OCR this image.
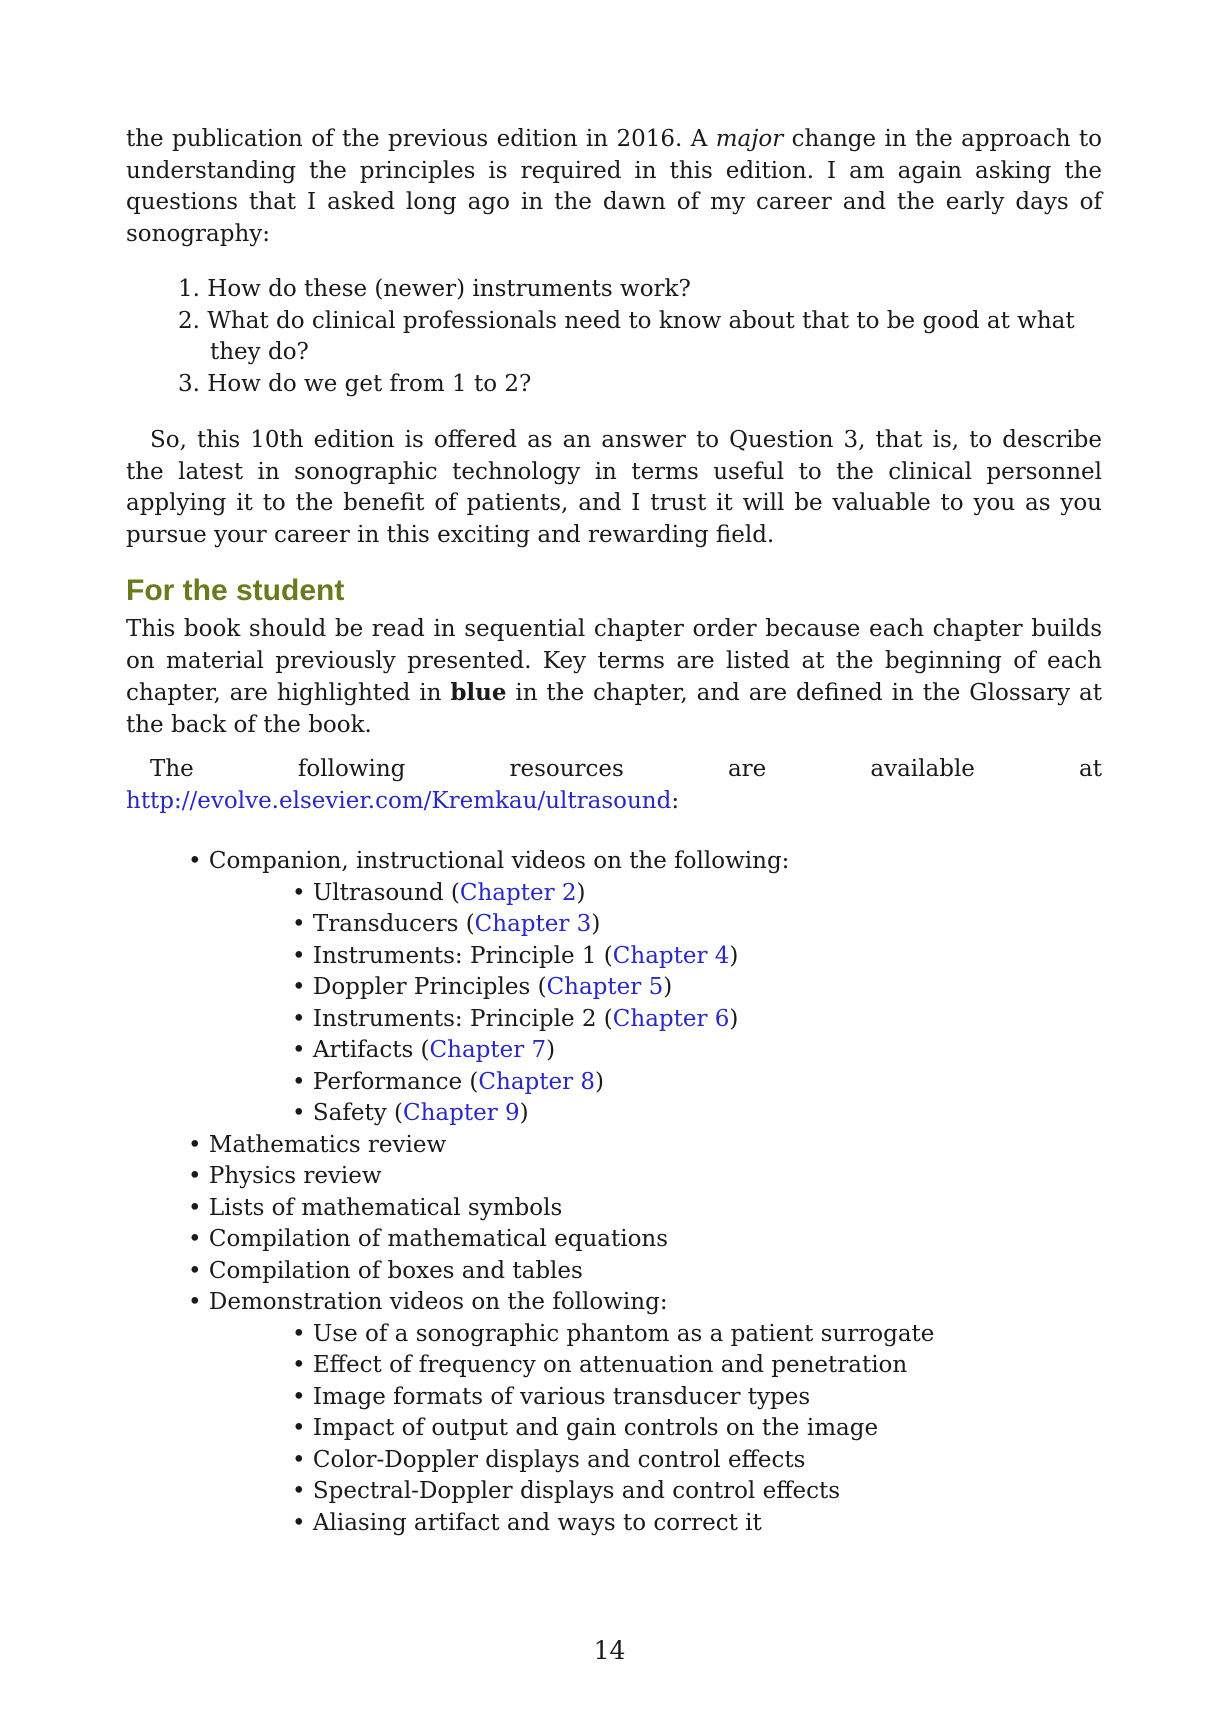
the publication of the previous edition in 2016. A major change in the approach to understanding the principles is required in this edition. I am again asking the questions that I asked long ago in the dawn of my career and the early days of sonography:

1. How do these (newer) instruments work?
2. What do clinical professionals need to know about that to be good at what they do?
3. How do we get from 1 to 2?

So, this 10th edition is offered as an answer to Question 3, that is, to describe the latest in sonographic technology in terms useful to the clinical personnel applying it to the benefit of patients, and I trust it will be valuable to you as you pursue your career in this exciting and rewarding field.

For the student

This book should be read in sequential chapter order because each chapter builds on material previously presented. Key terms are listed at the beginning of each chapter, are highlighted in blue in the chapter, and are defined in the Glossary at the back of the book.

The following resources are available at http://evolve.elsevier.com/Kremkau/ultrasound:

• Companion, instructional videos on the following:
• Ultrasound (Chapter 2)
• Transducers (Chapter 3)
• Instruments: Principle 1 (Chapter 4)
• Doppler Principles (Chapter 5)
• Instruments: Principle 2 (Chapter 6)
• Artifacts (Chapter 7)
• Performance (Chapter 8)
• Safety (Chapter 9)
• Mathematics review
• Physics review
• Lists of mathematical symbols
• Compilation of mathematical equations
• Compilation of boxes and tables
• Demonstration videos on the following:
• Use of a sonographic phantom as a patient surrogate
• Effect of frequency on attenuation and penetration
• Image formats of various transducer types
• Impact of output and gain controls on the image
• Color-Doppler displays and control effects
• Spectral-Doppler displays and control effects
• Aliasing artifact and ways to correct it
14
